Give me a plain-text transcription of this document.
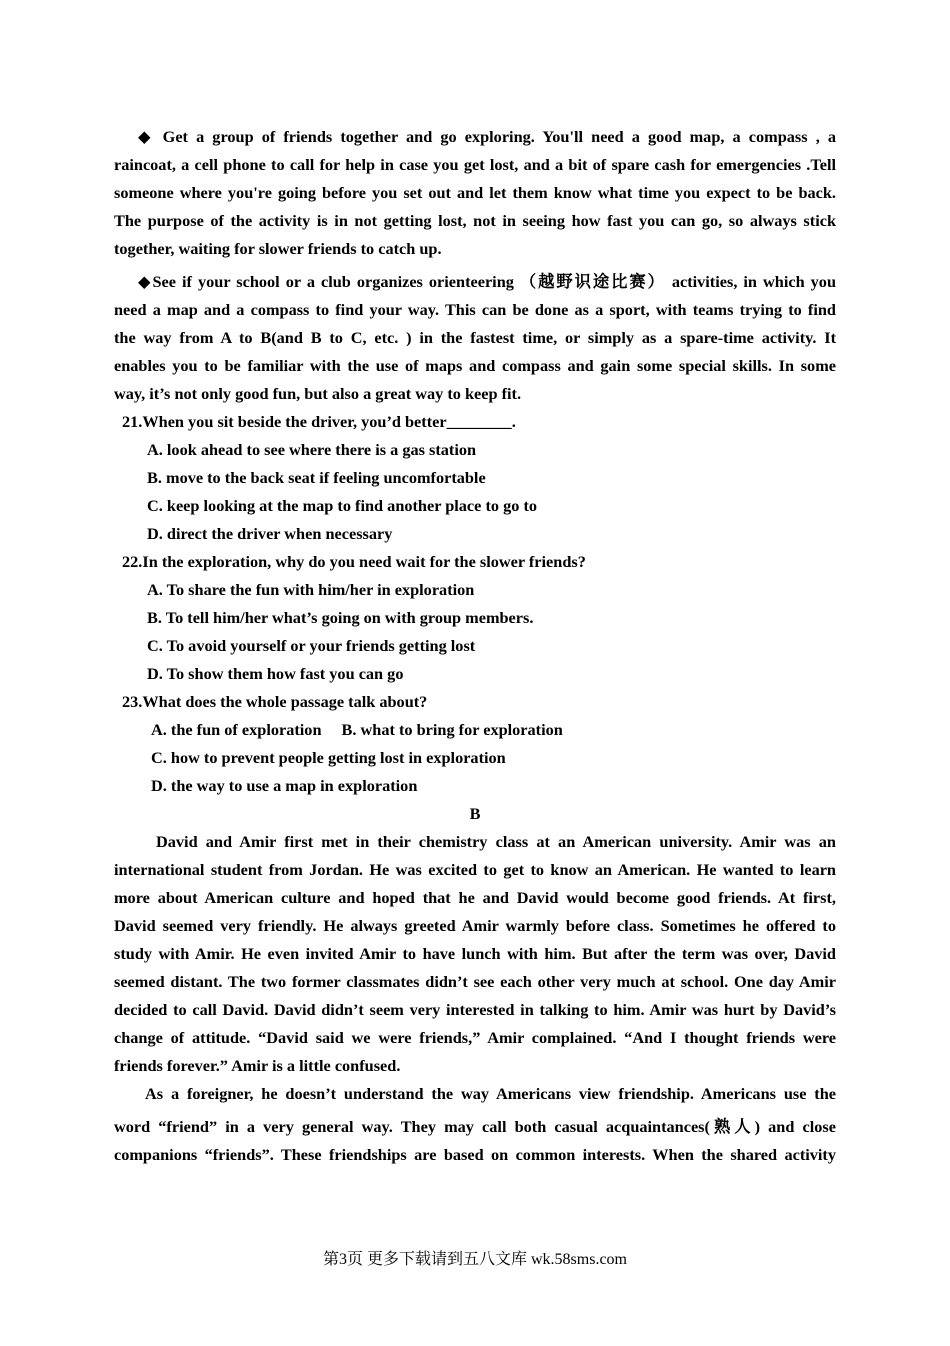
◆ Get a group of friends together and go exploring. You'll need a good map, a compass , a
raincoat, a cell phone to call for help in case you get lost, and a bit of spare cash for emergencies .Tell
someone where you're going before you set out and let them know what time you expect to be back.
The purpose of the activity is in not getting lost, not in seeing how fast you can go, so always stick
together, waiting for slower friends to catch up.
◆See if your school or a club organizes orienteering （越野识途比赛） activities, in which you
need a map and a compass to find your way. This can be done as a sport, with teams trying to find
the way from A to B(and B to C, etc. ) in the fastest time, or simply as a spare-time activity. It
enables you to be familiar with the use of maps and compass and gain some special skills. In some
way, it’s not only good fun, but also a great way to keep fit.
21.When you sit beside the driver, you’d better________.
A. look ahead to see where there is a gas station
B. move to the back seat if feeling uncomfortable
C. keep looking at the map to find another place to go to
D. direct the driver when necessary
22.In the exploration, why do you need wait for the slower friends?
A. To share the fun with him/her in exploration
B. To tell him/her what’s going on with group members.
C. To avoid yourself or your friends getting lost
D. To show them how fast you can go
23.What does the whole passage talk about?
A. the fun of exploration B. what to bring for exploration
C. how to prevent people getting lost in exploration
D. the way to use a map in exploration
B
David and Amir first met in their chemistry class at an American university. Amir was an
international student from Jordan. He was excited to get to know an American. He wanted to learn
more about American culture and hoped that he and David would become good friends. At first,
David seemed very friendly. He always greeted Amir warmly before class. Sometimes he offered to
study with Amir. He even invited Amir to have lunch with him. But after the term was over, David
seemed distant. The two former classmates didn’t see each other very much at school. One day Amir
decided to call David. David didn’t seem very interested in talking to him. Amir was hurt by David’s
change of attitude. “David said we were friends,” Amir complained. “And I thought friends were
friends forever.” Amir is a little confused.
As a foreigner, he doesn’t understand the way Americans view friendship. Americans use the
word “friend” in a very general way. They may call both casual acquaintances(熟人) and close
companions “friends”. These friendships are based on common interests. When the shared activity
第3页 更多下载请到五八文库 wk.58sms.com
